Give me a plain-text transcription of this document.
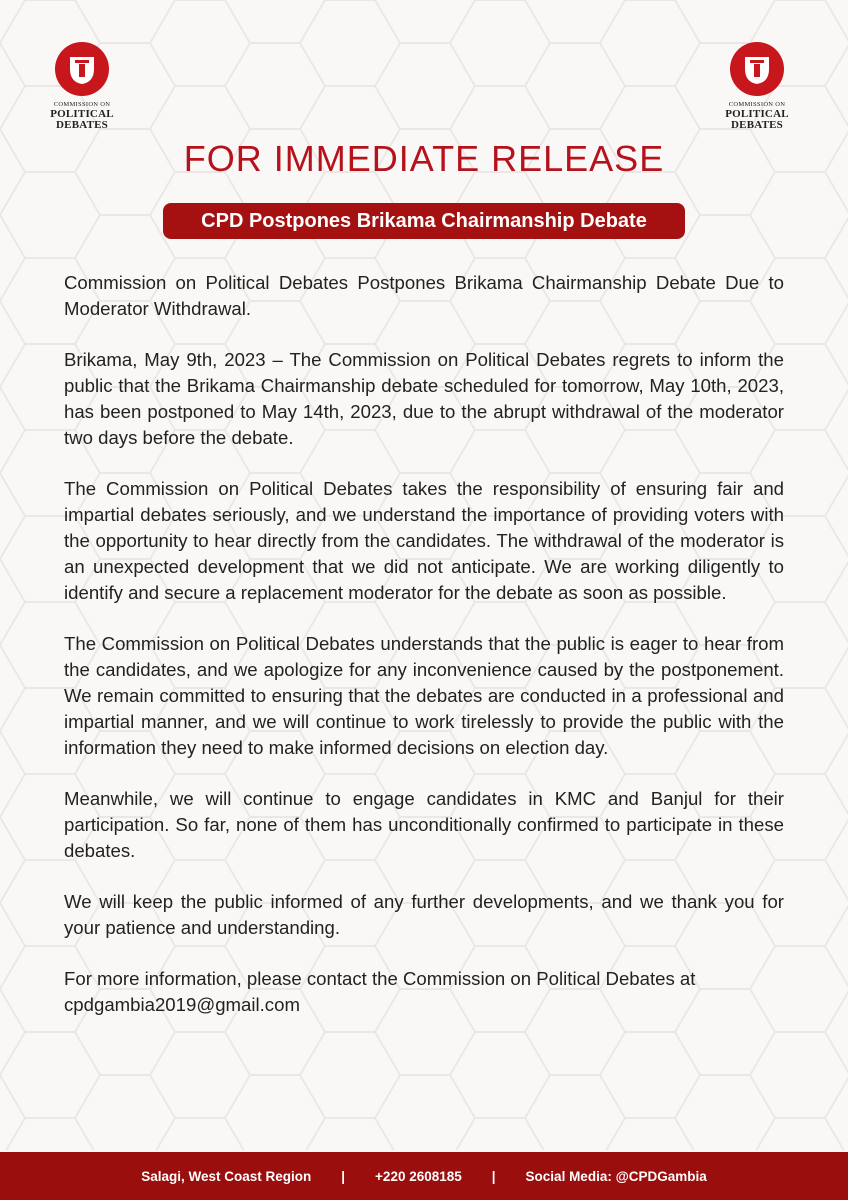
COMMISSION ON
POLITICAL
DEBATES
COMMISSION ON
POLITICAL
DEBATES
FOR IMMEDIATE RELEASE
CPD Postpones Brikama Chairmanship Debate

Commission on Political Debates Postpones Brikama Chairmanship Debate Due to Moderator Withdrawal.

Brikama, May 9th, 2023 – The Commission on Political Debates regrets to inform the public that the Brikama Chairmanship debate scheduled for tomorrow, May 10th, 2023, has been postponed to May 14th, 2023, due to the abrupt withdrawal of the moderator two days before the debate.

The Commission on Political Debates takes the responsibility of ensuring fair and impartial debates seriously, and we understand the importance of providing voters with the opportunity to hear directly from the candidates. The withdrawal of the moderator is an unexpected development that we did not anticipate. We are working diligently to identify and secure a replacement moderator for the debate as soon as possible.

The Commission on Political Debates understands that the public is eager to hear from the candidates, and we apologize for any inconvenience caused by the postponement. We remain committed to ensuring that the debates are conducted in a professional and impartial manner, and we will continue to work tirelessly to provide the public with the information they need to make informed decisions on election day.

Meanwhile, we will continue to engage candidates in KMC and Banjul for their participation. So far, none of them has unconditionally confirmed to participate in these debates.

We will keep the public informed of any further developments, and we thank you for your patience and understanding.

For more information, please contact the Commission on Political Debates at cpdgambia2019@gmail.com

Salagi, West Coast Region | +220 2608185 | Social Media: @CPDGambia
